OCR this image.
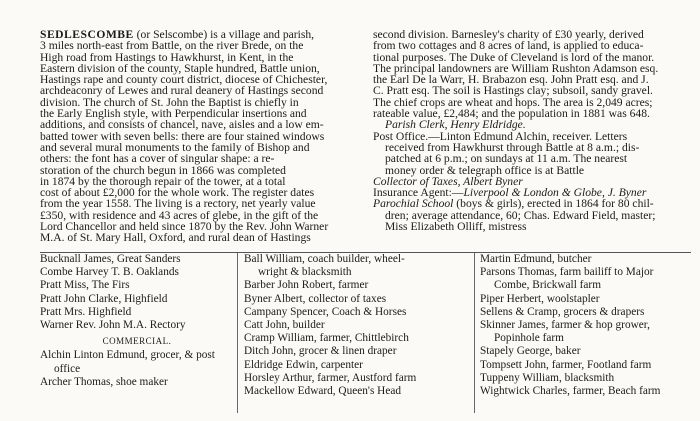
SEDLESCOMBE (or Selscombe) is a village and parish,

3 miles north-east from Battle, on the river Brede, on the

High road from Hastings to Hawkhurst, in Kent, in the

Eastern division of the county, Staple hundred, Battle union,

Hastings rape and county court district, diocese of Chichester,

archdeaconry of Lewes and rural deanery of Hastings second

division. The church of St. John the Baptist is chiefly in

the Early English style, with Perpendicular insertions and

additions, and consists of chancel, nave, aisles and a low em-

batted tower with seven bells: there are four stained windows

and several mural monuments to the family of Bishop and

others: the font has a cover of singular shape: a re-

storation of the church begun in 1866 was completed

in 1874 by the thorough repair of the tower, at a total

cost of about £2,000 for the whole work. The register dates

from the year 1558. The living is a rectory, net yearly value

£350, with residence and 43 acres of glebe, in the gift of the

Lord Chancellor and held since 1870 by the Rev. John Warner

M.A. of St. Mary Hall, Oxford, and rural dean of Hastings

second division. Barnesley's charity of £30 yearly, derived

from two cottages and 8 acres of land, is applied to educa-

tional purposes. The Duke of Cleveland is lord of the manor.

The principal landowners are William Rushton Adamson esq.

the Earl De la Warr, H. Brabazon esq. John Pratt esq. and J.

C. Pratt esq. The soil is Hastings clay; subsoil, sandy gravel.

The chief crops are wheat and hops. The area is 2,049 acres;

rateable value, £2,484; and the population in 1881 was 648.

Parish Clerk, Henry Eldridge.

Post Office.—Linton Edmund Alchin, receiver. Letters

received from Hawkhurst through Battle at 8 a.m.; dis-

patched at 6 p.m.; on sundays at 11 a.m. The nearest

money order & telegraph office is at Battle

Collector of Taxes, Albert Byner

Insurance Agent:—Liverpool & London & Globe, J. Byner

Parochial School (boys & girls), erected in 1864 for 80 chil-

dren; average attendance, 60; Chas. Edward Field, master;

Miss Elizabeth Olliff, mistress

Bucknall James, Great Sanders
Combe Harvey T. B. Oaklands
Pratt Miss, The Firs
Pratt John Clarke, Highfield
Pratt Mrs. Highfield
Warner Rev. John M.A. Rectory
COMMERCIAL.
Alchin Linton Edmund, grocer, & post
office
Archer Thomas, shoe maker
Ball William, coach builder, wheel-
wright & blacksmith
Barber John Robert, farmer
Byner Albert, collector of taxes
Campany Spencer, Coach & Horses
Catt John, builder
Cramp William, farmer, Chittlebirch
Ditch John, grocer & linen draper
Eldridge Edwin, carpenter
Horsley Arthur, farmer, Austford farm
Mackellow Edward, Queen's Head
Martin Edmund, butcher
Parsons Thomas, farm bailiff to Major
Combe, Brickwall farm
Piper Herbert, woolstapler
Sellens & Cramp, grocers & drapers
Skinner James, farmer & hop grower,
Popinhole farm
Stapely George, baker
Tompsett John, farmer, Footland farm
Tuppeny William, blacksmith
Wightwick Charles, farmer, Beach farm
